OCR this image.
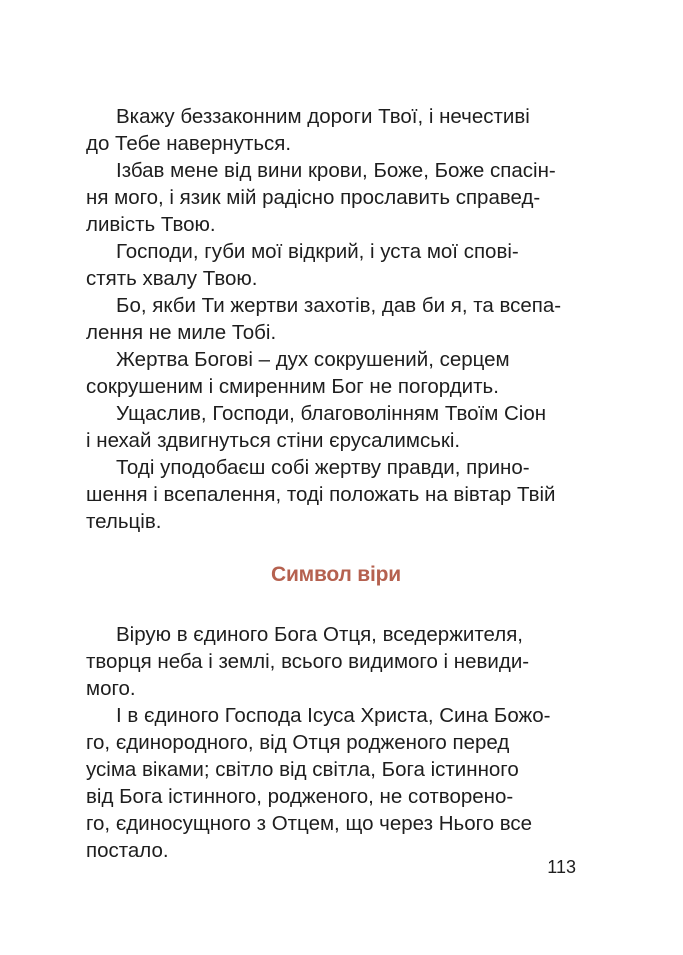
Вкажу беззаконним дороги Твої, і нечестиві
до Тебе навернуться.
Ізбав мене від вини крови, Боже, Боже спасін-
ня мого, і язик мій радісно прославить справед-
ливість Твою.
Господи, губи мої відкрий, і уста мої спові-
стять хвалу Твою.
Бо, якби Ти жертви захотів, дав би я, та всепа-
лення не миле Тобі.
Жертва Богові – дух сокрушений, серцем
сокрушеним і смиренним Бог не погордить.
Ущаслив, Господи, благоволінням Твоїм Сіон
і нехай здвигнуться стіни єрусалимські.
Тоді уподобаєш собі жертву правди, прино-
шення і всепалення, тоді положать на вівтар Твій
тельців.
Символ віри
Вірую в єдиного Бога Отця, вседержителя,
творця неба і землі, всього видимого і невиди-
мого.
І в єдиного Господа Ісуса Христа, Сина Божо-
го, єдинородного, від Отця родженого перед
усіма віками; світло від світла, Бога істинного
від Бога істинного, родженого, не сотворено-
го, єдиносущного з Отцем, що через Нього все
постало.
113
